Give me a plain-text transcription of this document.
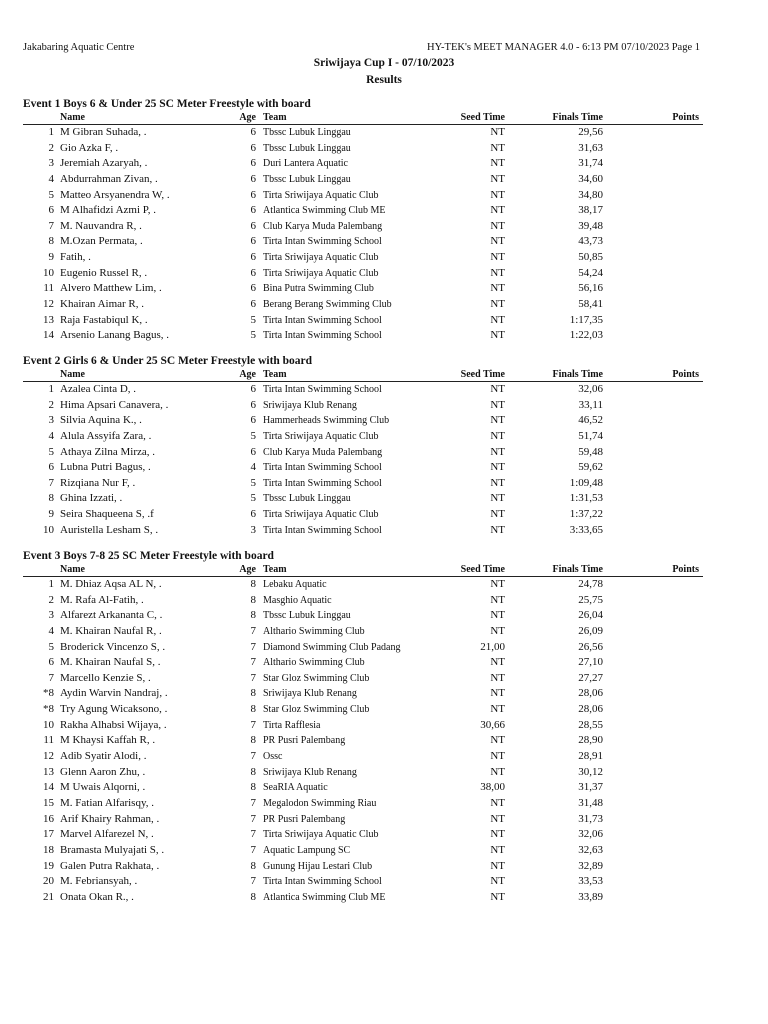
Jakabaring Aquatic Centre	HY-TEK's MEET MANAGER 4.0 - 6:13 PM 07/10/2023 Page 1
Sriwijaya Cup I - 07/10/2023
Results
Event 1 Boys 6 & Under 25 SC Meter Freestyle with board
Name	Age Team	Seed Time	Finals Time	Points
1 M Gibran Suhada, .	6 Tbssc Lubuk Linggau	NT	29,56
2 Gio Azka F, .	6 Tbssc Lubuk Linggau	NT	31,63
3 Jeremiah Azaryah, .	6 Duri Lantera Aquatic	NT	31,74
4 Abdurrahman Zivan, .	6 Tbssc Lubuk Linggau	NT	34,60
5 Matteo Arsyanendra W, .	6 Tirta Sriwijaya Aquatic Club	NT	34,80
6 M Alhafidzi Azmi P, .	6 Atlantica Swimming Club ME	NT	38,17
7 M. Nauvandra R, .	6 Club Karya Muda Palembang	NT	39,48
8 M.Ozan Permata, .	6 Tirta Intan Swimming School	NT	43,73
9 Fatih, .	6 Tirta Sriwijaya Aquatic Club	NT	50,85
10 Eugenio Russel R, .	6 Tirta Sriwijaya Aquatic Club	NT	54,24
11 Alvero Matthew Lim, .	6 Bina Putra Swimming Club	NT	56,16
12 Khairan Aimar R, .	6 Berang Berang Swimming Club	NT	58,41
13 Raja Fastabiqul K, .	5 Tirta Intan Swimming School	NT	1:17,35
14 Arsenio Lanang Bagus, .	5 Tirta Intan Swimming School	NT	1:22,03
Event 2 Girls 6 & Under 25 SC Meter Freestyle with board
Name	Age Team	Seed Time	Finals Time	Points
1 Azalea Cinta D, .	6 Tirta Intan Swimming School	NT	32,06
2 Hima Apsari Canavera, .	6 Sriwijaya Klub Renang	NT	33,11
3 Silvia Aquina K., .	6 Hammerheads Swimming Club	NT	46,52
4 Alula Assyifa Zara, .	5 Tirta Sriwijaya Aquatic Club	NT	51,74
5 Athaya Zilna Mirza, .	6 Club Karya Muda Palembang	NT	59,48
6 Lubna Putri Bagus, .	4 Tirta Intan Swimming School	NT	59,62
7 Rizqiana Nur F, .	5 Tirta Intan Swimming School	NT	1:09,48
8 Ghina Izzati, .	5 Tbssc Lubuk Linggau	NT	1:31,53
9 Seira Shaqueena S, .f	6 Tirta Sriwijaya Aquatic Club	NT	1:37,22
10 Auristella Lesham S, .	3 Tirta Intan Swimming School	NT	3:33,65
Event 3 Boys 7-8 25 SC Meter Freestyle with board
Name	Age Team	Seed Time	Finals Time	Points
1 M. Dhiaz Aqsa AL N, .	8 Lebaku Aquatic	NT	24,78
2 M. Rafa Al-Fatih, .	8 Masghio Aquatic	NT	25,75
3 Alfarezt Arkananta C, .	8 Tbssc Lubuk Linggau	NT	26,04
4 M. Khairan Naufal R, .	7 Althario Swimming Club	NT	26,09
5 Broderick Vincenzo S, .	7 Diamond Swimming Club Padang	21,00	26,56
6 M. Khairan Naufal S, .	7 Althario Swimming Club	NT	27,10
7 Marcello Kenzie S, .	7 Star Gloz Swimming Club	NT	27,27
*8 Aydin Warvin Nandraj, .	8 Sriwijaya Klub Renang	NT	28,06
*8 Try Agung Wicaksono, .	8 Star Gloz Swimming Club	NT	28,06
10 Rakha Alhabsi Wijaya, .	7 Tirta Rafflesia	30,66	28,55
11 M Khaysi Kaffah R, .	8 PR Pusri Palembang	NT	28,90
12 Adib Syatir Alodi, .	7 Ossc	NT	28,91
13 Glenn Aaron Zhu, .	8 Sriwijaya Klub Renang	NT	30,12
14 M Uwais Alqorni, .	8 SeaRIA Aquatic	38,00	31,37
15 M. Fatian Alfarisqy, .	7 Megalodon Swimming Riau	NT	31,48
16 Arif Khairy Rahman, .	7 PR Pusri Palembang	NT	31,73
17 Marvel Alfarezel N, .	7 Tirta Sriwijaya Aquatic Club	NT	32,06
18 Bramasta Mulyajati S, .	7 Aquatic Lampung SC	NT	32,63
19 Galen Putra Rakhata, .	8 Gunung Hijau Lestari Club	NT	32,89
20 M. Febriansyah, .	7 Tirta Intan Swimming School	NT	33,53
21 Onata Okan R., .	8 Atlantica Swimming Club ME	NT	33,89
